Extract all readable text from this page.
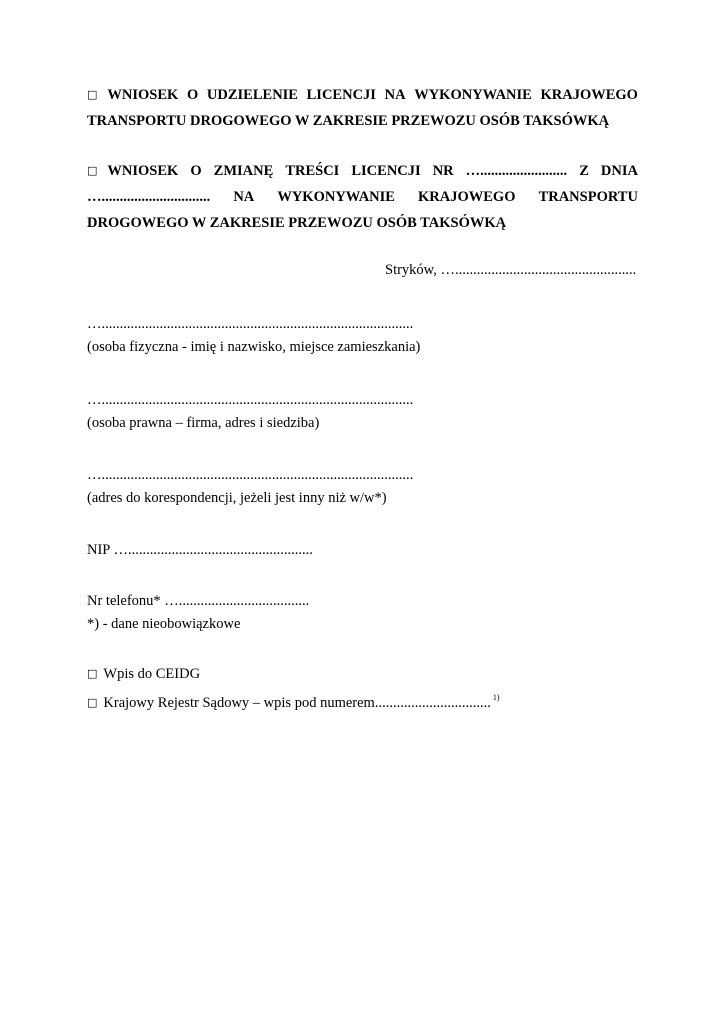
□ WNIOSEK O UDZIELENIE LICENCJI NA WYKONYWANIE KRAJOWEGO
TRANSPORTU DROGOWEGO W ZAKRESIE PRZEWOZU OSÓB TAKSÓWKĄ
□ WNIOSEK O ZMIANĘ TREŚCI LICENCJI NR …........................ Z DNIA
….............................. NA WYKONYWANIE KRAJOWEGO TRANSPORTU
DROGOWEGO W ZAKRESIE PRZEWOZU OSÓB TAKSÓWKĄ
Stryków, …..................................................
…......................................................................................
(osoba fizyczna - imię i nazwisko, miejsce zamieszkania)
…......................................................................................
(osoba prawna – firma, adres i siedziba)
…......................................................................................
(adres do korespondencji, jeżeli jest inny niż w/w*)
NIP …...................................................
Nr telefonu* …....................................
*) - dane nieobowiązkowe
□ Wpis do CEIDG
□ Krajowy Rejestr Sądowy – wpis pod numerem................................ $^{1)}$
